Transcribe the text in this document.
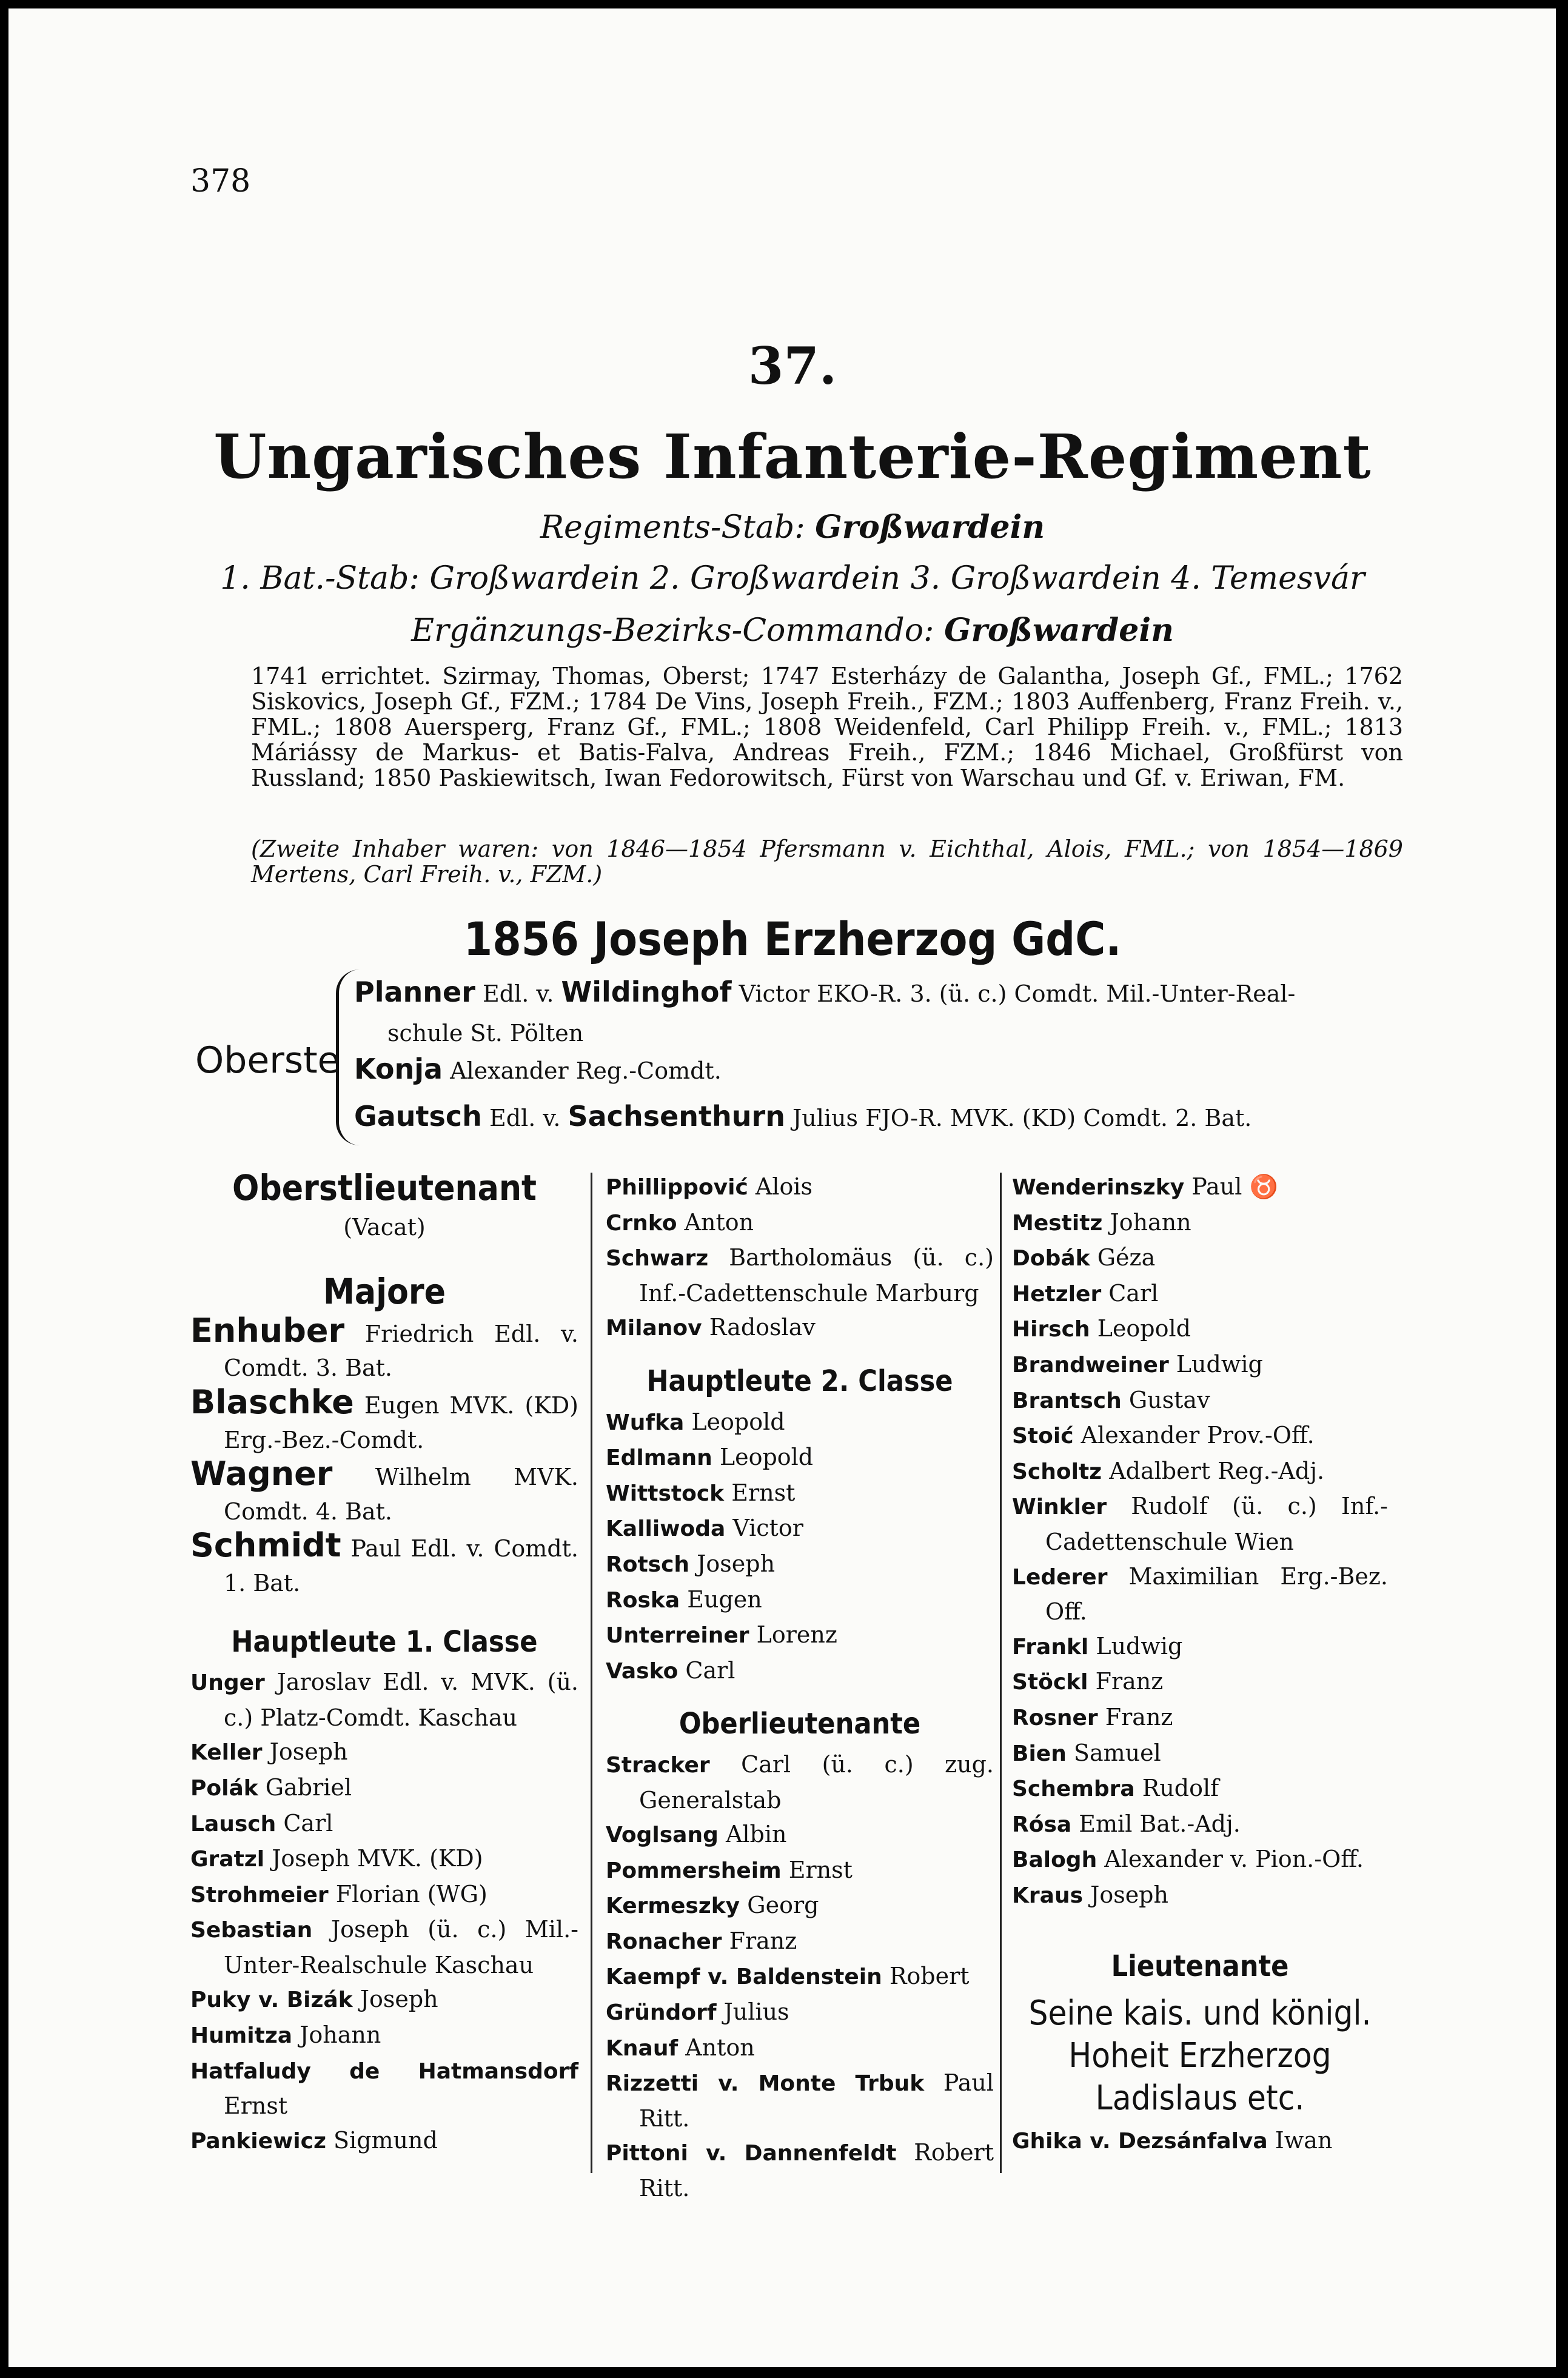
378
37.
Ungarisches Infanterie-Regiment
Regiments-Stab: Großwardein
1. Bat.-Stab: Großwardein 2. Großwardein 3. Großwardein 4. Temesvár
Ergänzungs-Bezirks-Commando: Großwardein
1741 errichtet. Szirmay, Thomas, Oberst; 1747 Esterházy de Galantha, Joseph Gf., FML.; 1762 Siskovics, Joseph Gf., FZM.; 1784 De Vins, Joseph Freih., FZM.; 1803 Auffenberg, Franz Freih. v., FML.; 1808 Auersperg, Franz Gf., FML.; 1808 Weidenfeld, Carl Philipp Freih. v., FML.; 1813 Máriássy de Markus- et Batis-Falva, Andreas Freih., FZM.; 1846 Michael, Großfürst von Russland; 1850 Paskiewitsch, Iwan Fedorowitsch, Fürst von Warschau und Gf. v. Eriwan, FM.
(Zweite Inhaber waren: von 1846—1854 Pfersmann v. Eichthal, Alois, FML.; von 1854—1869 Mertens, Carl Freih. v., FZM.)
1856 Joseph Erzherzog GdC.
Oberste
Planner Edl. v. Wildinghof Victor EKO-R. 3. (ü. c.) Comdt. Mil.-Unter-Real-
schule St. Pölten
Konja Alexander Reg.-Comdt.
Gautsch Edl. v. Sachsenthurn Julius FJO-R. MVK. (KD) Comdt. 2. Bat.
Oberstlieutenant
(Vacat)
Majore
Enhuber Friedrich Edl. v. Comdt. 3. Bat.
Blaschke Eugen MVK. (KD) Erg.-Bez.-Comdt.
Wagner Wilhelm MVK. Comdt. 4. Bat.
Schmidt Paul Edl. v. Comdt. 1. Bat.
Hauptleute 1. Classe
Unger Jaroslav Edl. v. MVK. (ü. c.) Platz-Comdt. Kaschau
Keller Joseph
Polák Gabriel
Lausch Carl
Gratzl Joseph MVK. (KD)
Strohmeier Florian (WG)
Sebastian Joseph (ü. c.) Mil.-Unter-Realschule Kaschau
Puky v. Bizák Joseph
Humitza Johann
Hatfaludy de Hatmansdorf Ernst
Pankiewicz Sigmund
Phillippović Alois
Crnko Anton
Schwarz Bartholomäus (ü. c.) Inf.-Cadettenschule Marburg
Milanov Radoslav
Hauptleute 2. Classe
Wufka Leopold
Edlmann Leopold
Wittstock Ernst
Kalliwoda Victor
Rotsch Joseph
Roska Eugen
Unterreiner Lorenz
Vasko Carl
Oberlieutenante
Stracker Carl (ü. c.) zug. Generalstab
Voglsang Albin
Pommersheim Ernst
Kermeszky Georg
Ronacher Franz
Kaempf v. Baldenstein Robert
Gründorf Julius
Knauf Anton
Rizzetti v. Monte Trbuk Paul Ritt.
Pittoni v. Dannenfeldt Robert Ritt.
Wenderinszky Paul ♉
Mestitz Johann
Dobák Géza
Hetzler Carl
Hirsch Leopold
Brandweiner Ludwig
Brantsch Gustav
Stoić Alexander Prov.-Off.
Scholtz Adalbert Reg.-Adj.
Winkler Rudolf (ü. c.) Inf.-Cadettenschule Wien
Lederer Maximilian Erg.-Bez. Off.
Frankl Ludwig
Stöckl Franz
Rosner Franz
Bien Samuel
Schembra Rudolf
Rósa Emil Bat.-Adj.
Balogh Alexander v. Pion.-Off.
Kraus Joseph
Lieutenante
Seine kais. und königl. Hoheit Erzherzog Ladislaus etc.
Ghika v. Dezsánfalva Iwan
